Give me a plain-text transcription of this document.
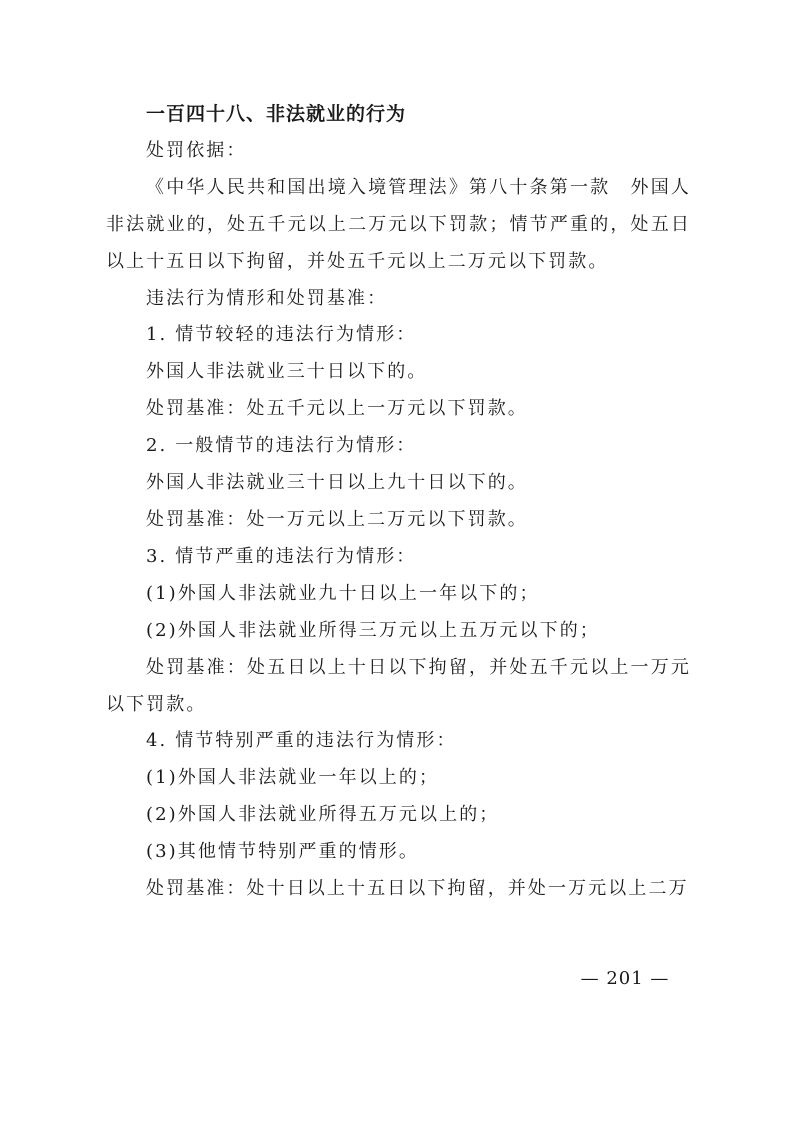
一百四十八、非法就业的行为

处罚依据：

《中华人民共和国出境入境管理法》第八十条第一款　外国人非法就业的，处五千元以上二万元以下罚款；情节严重的，处五日以上十五日以下拘留，并处五千元以上二万元以下罚款。

违法行为情形和处罚基准：

1. 情节较轻的违法行为情形：

外国人非法就业三十日以下的。

处罚基准：处五千元以上一万元以下罚款。

2. 一般情节的违法行为情形：

外国人非法就业三十日以上九十日以下的。

处罚基准：处一万元以上二万元以下罚款。

3. 情节严重的违法行为情形：

(1)外国人非法就业九十日以上一年以下的；

(2)外国人非法就业所得三万元以上五万元以下的；

处罚基准：处五日以上十日以下拘留，并处五千元以上一万元以下罚款。

4. 情节特别严重的违法行为情形：

(1)外国人非法就业一年以上的；

(2)外国人非法就业所得五万元以上的；

(3)其他情节特别严重的情形。

处罚基准：处十日以上十五日以下拘留，并处一万元以上二万

— 201 —
